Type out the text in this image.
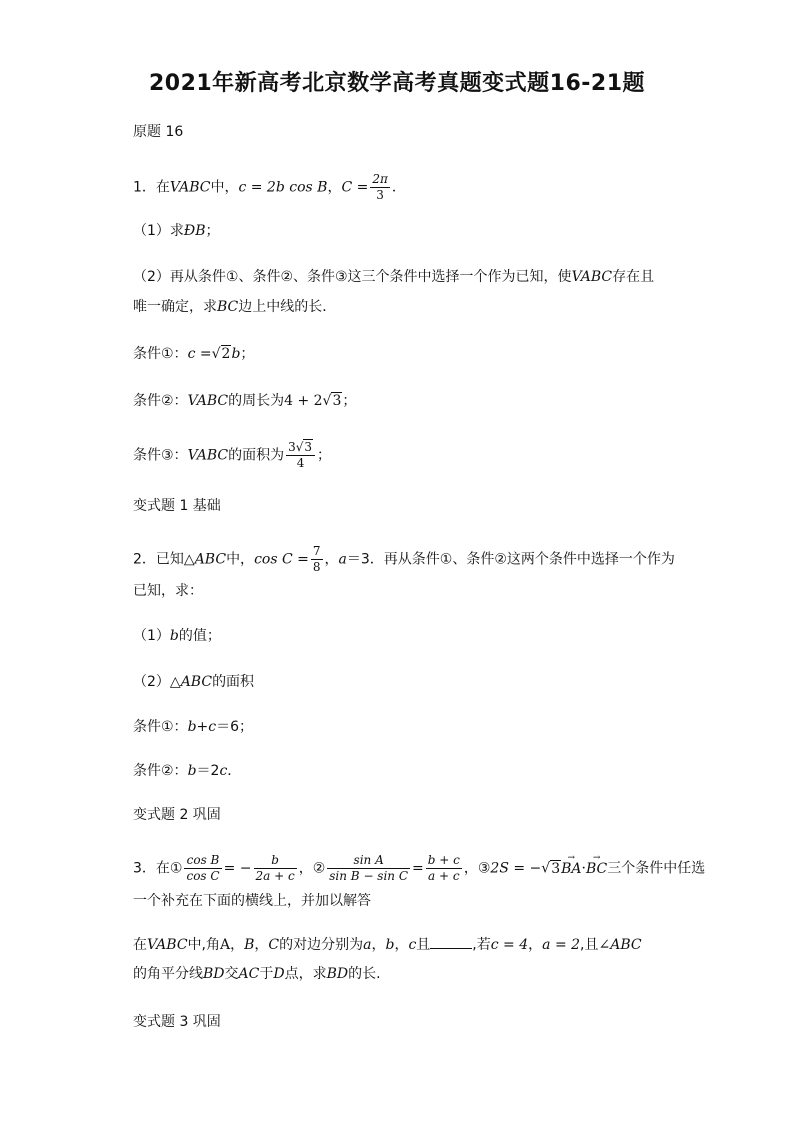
2021年新高考北京数学高考真题变式题16-21题
原题 16
1．在VABC中，c = 2b cos B，$C = \frac{2\pi}{3}$ ．
（1）求ÐB；
（2）再从条件①、条件②、条件③这三个条件中选择一个作为已知，使VABC存在且
唯一确定，求BC边上中线的长．
条件①：c =√2b；
条件②：VABC的周长为4 + 2√3；
条件③：VABC的面积为 $\frac{3√3}{4}$ ；
变式题 1 基础
2．已知△ABC中，$\cos C = \frac{7}{8}$ ，a＝3．再从条件①、条件②这两个条件中选择一个作为
已知，求：
（1）b的值；
（2）△ABC的面积
条件①：b+c＝6；
条件②：b＝2c．
变式题 2 巩固
3．在① $\frac{\text{cos B}}{\text{cos C}}$ = − $\frac{b}{2a + c}$ ，② $\frac{\text{sin A}}{\text{sin B − sin C}} = \frac{b + c}{a + c}$ ，③2S = −√3→ BA·→ BC三个条件中任选
一个补充在下面的横线上，并加以解答
在VABC中,角A，B，C的对边分别为a，b，c且	,若c = 4，a = 2,且∠ABC
的角平分线BD交AC于D点，求BD的长.
变式题 3 巩固
